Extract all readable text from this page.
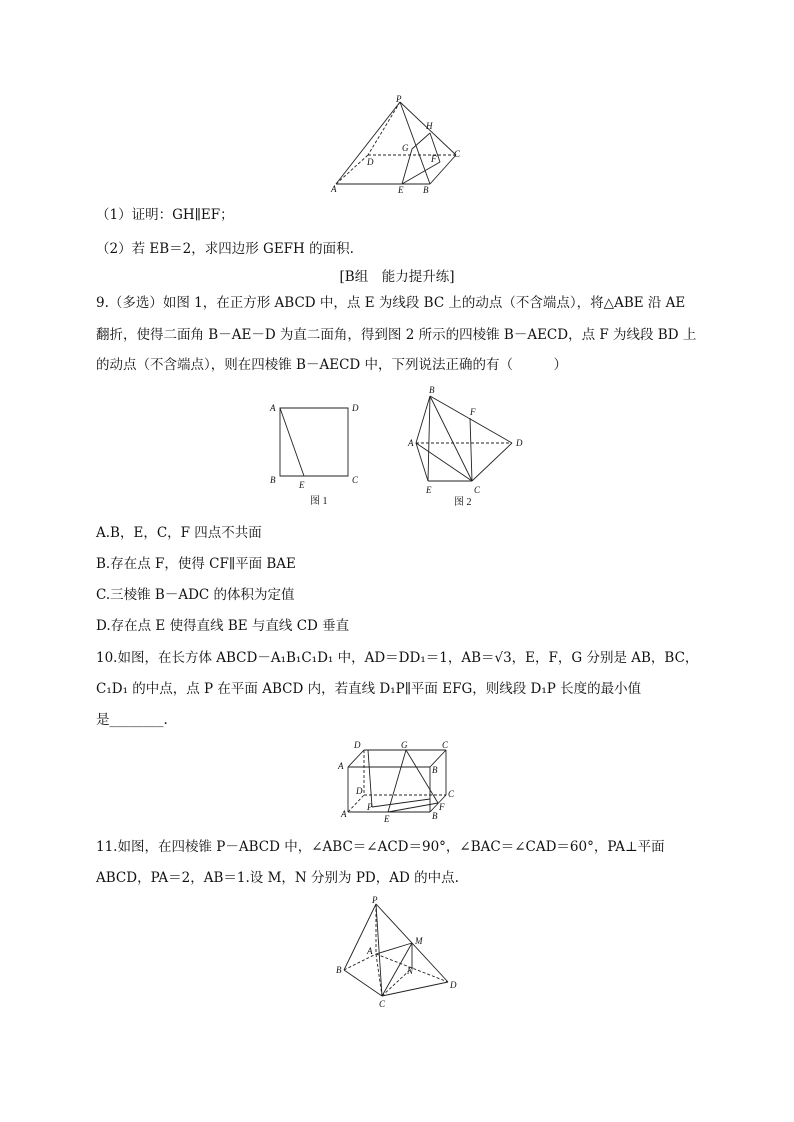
P
H
G
D	F C
A	E B
（1）证明：GH∥EF；
（2）若 EB＝2，求四边形 GEFH 的面积.
[B组　能力提升练]
9.（多选）如图 1，在正方形 ABCD 中，点 E 为线段 BC 上的动点（不含端点），将△ABE 沿 AE
翻折，使得二面角 B－AE－D 为直二面角，得到图 2 所示的四棱锥 B－AECD，点 F 为线段 BD 上
的动点（不含端点），则在四棱锥 B－AECD 中，下列说法正确的有（　　　）
A	D
B	E	C
图 1
B
F
A	D
E	C
图 2
A.B，E，C，F 四点不共面
B.存在点 F，使得 CF∥平面 BAE
C.三棱锥 B－ADC 的体积为定值
D.存在点 E 使得直线 BE 与直线 CD 垂直
10.如图，在长方体 ABCD－A₁B₁C₁D₁ 中，AD＝DD₁＝1，AB＝√3，E，F，G 分别是 AB，BC，
C₁D₁ 的中点，点 P 在平面 ABCD 内，若直线 D₁P∥平面 EFG，则线段 D₁P 长度的最小值
是________.
D	G	C
A	B
D	C
P
A	E	B
F
11.如图，在四棱锥 P－ABCD 中，∠ABC＝∠ACD＝90°，∠BAC＝∠CAD＝60°，PA⊥平面
ABCD，PA＝2，AB＝1.设 M，N 分别为 PD，AD 的中点.
P
M
A
B	N
D
C
